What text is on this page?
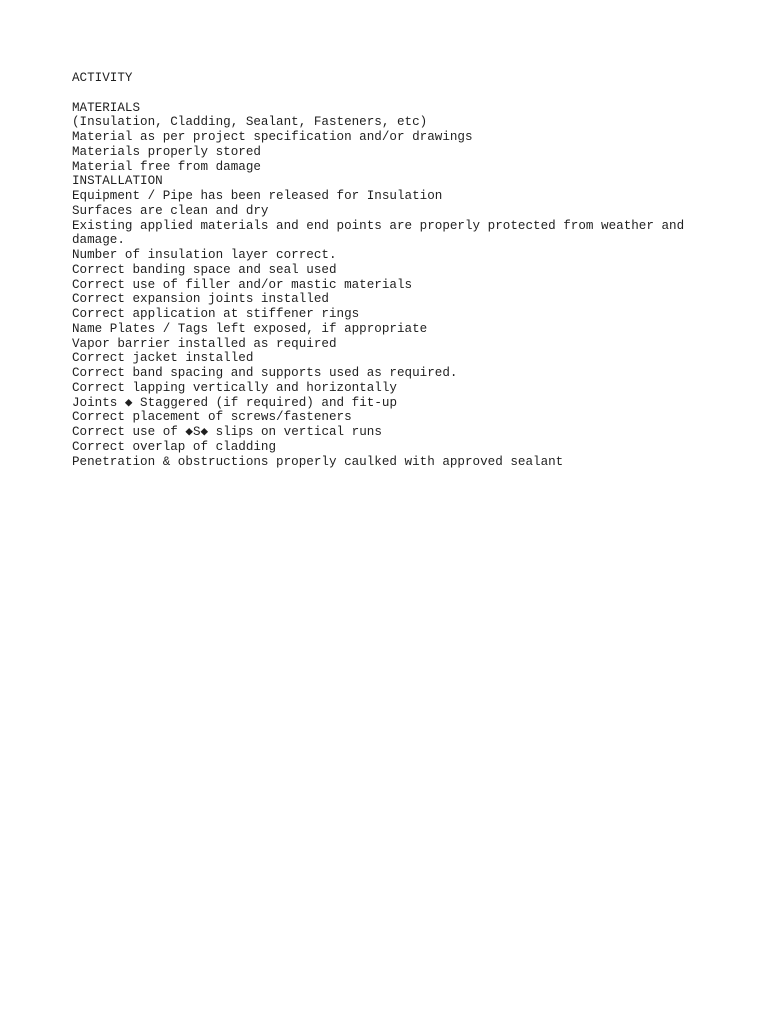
ACTIVITY
MATERIALS
(Insulation, Cladding, Sealant, Fasteners, etc)
Material as per project specification and/or drawings
Materials properly stored
Material free from damage
INSTALLATION
Equipment / Pipe has been released for Insulation
Surfaces are clean and dry
Existing applied materials and end points are properly protected from weather and damage.
Number of insulation layer correct.
Correct banding space and seal used
Correct use of filler and/or mastic materials
Correct expansion joints installed
Correct application at stiffener rings
Name Plates / Tags left exposed, if appropriate
Vapor barrier installed as required
Correct jacket installed
Correct band spacing and supports used as required.
Correct lapping vertically and horizontally
Joints ◆ Staggered (if required) and fit-up
Correct placement of screws/fasteners
Correct use of ◆S◆ slips on vertical runs
Correct overlap of cladding
Penetration & obstructions properly caulked with approved sealant
